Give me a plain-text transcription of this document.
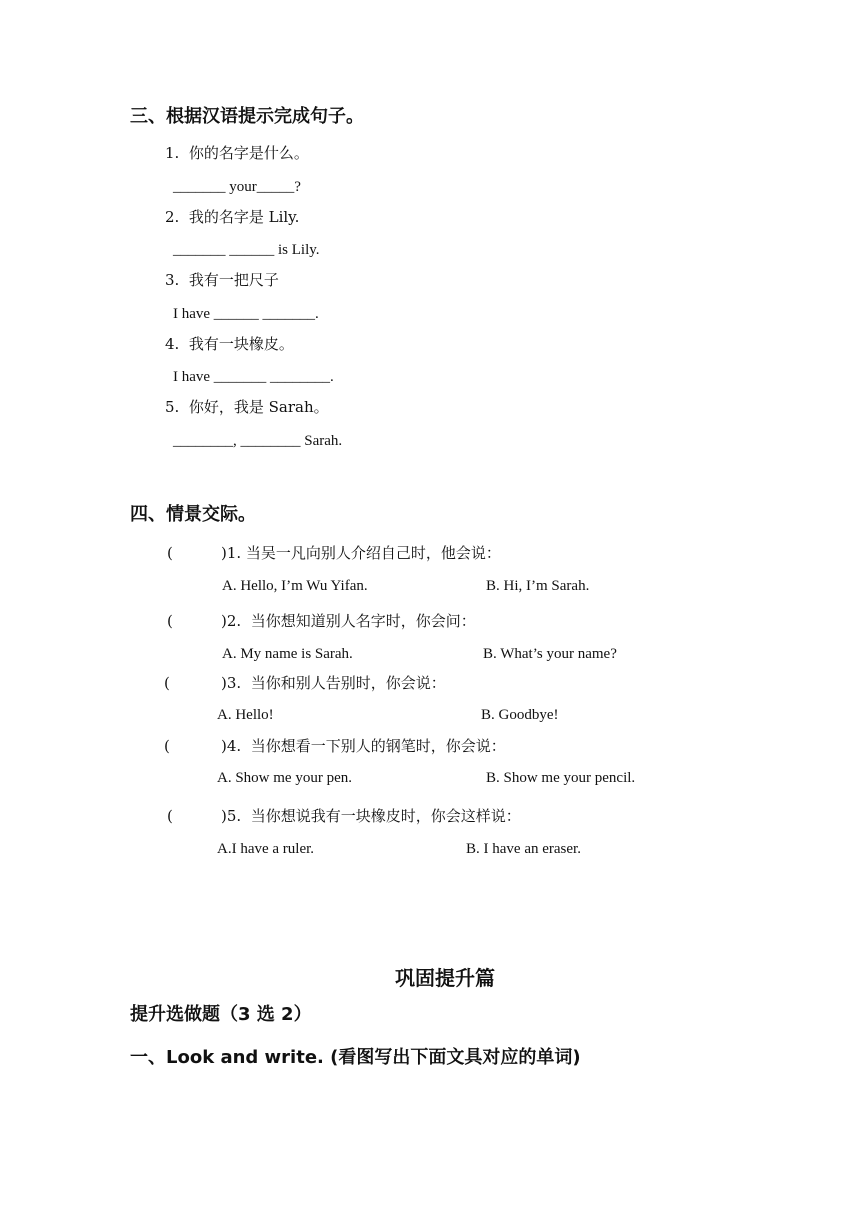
三、根据汉语提示完成句子。
1.  你的名字是什么。
_______ your_____?
2.  我的名字是 Lily.
_______ ______ is Lily.
3.  我有一把尺子
I have ______ _______.
4.  我有一块橡皮。
I have _______ ________.
5.  你好，我是 Sarah。
________, ________ Sarah.
四、情景交际。
(	)1. 当吴一凡向别人介绍自己时，他会说：
A. Hello, I’m Wu Yifan.	B. Hi, I’m Sarah.
(	)2.  当你想知道别人名字时，你会问：
A. My name is Sarah.	B. What’s your name?
(	)3.  当你和别人告别时，你会说：
A. Hello!	B. Goodbye!
(	)4.  当你想看一下别人的钢笔时，你会说：
A. Show me your pen.	B. Show me your pencil.
(	)5.  当你想说我有一块橡皮时，你会这样说：
A.I have a ruler.	B. I have an eraser.
巩固提升篇
提升选做题（3 选 2）
一、Look and write. (看图写出下面文具对应的单词)
